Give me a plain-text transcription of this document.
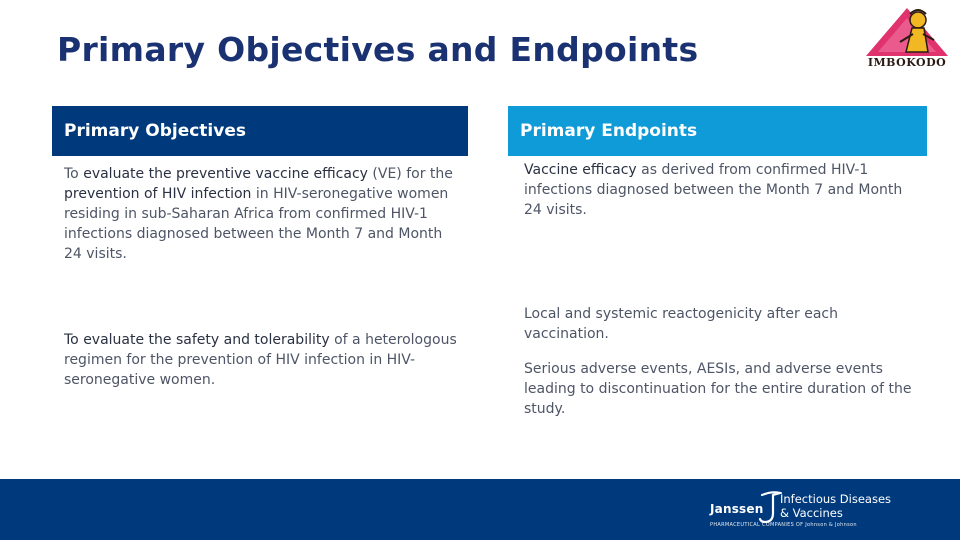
Primary Objectives and Endpoints	IMBOKODO
Primary Objectives	Primary Endpoints

To evaluate the preventive vaccine efficacy (VE) for the prevention of HIV infection in HIV-seronegative women residing in sub-Saharan Africa from confirmed HIV-1 infections diagnosed between the Month 7 and Month 24 visits.

To evaluate the safety and tolerability of a heterologous regimen for the prevention of HIV infection in HIV-seronegative women.

Vaccine efficacy as derived from confirmed HIV-1 infections diagnosed between the Month 7 and Month 24 visits.

Local and systemic reactogenicity after each vaccination.

Serious adverse events, AESIs, and adverse events leading to discontinuation for the entire duration of the study.

Janssen
Infectious Diseases
& Vaccines
PHARMACEUTICAL COMPANIES OF Johnson & Johnson
